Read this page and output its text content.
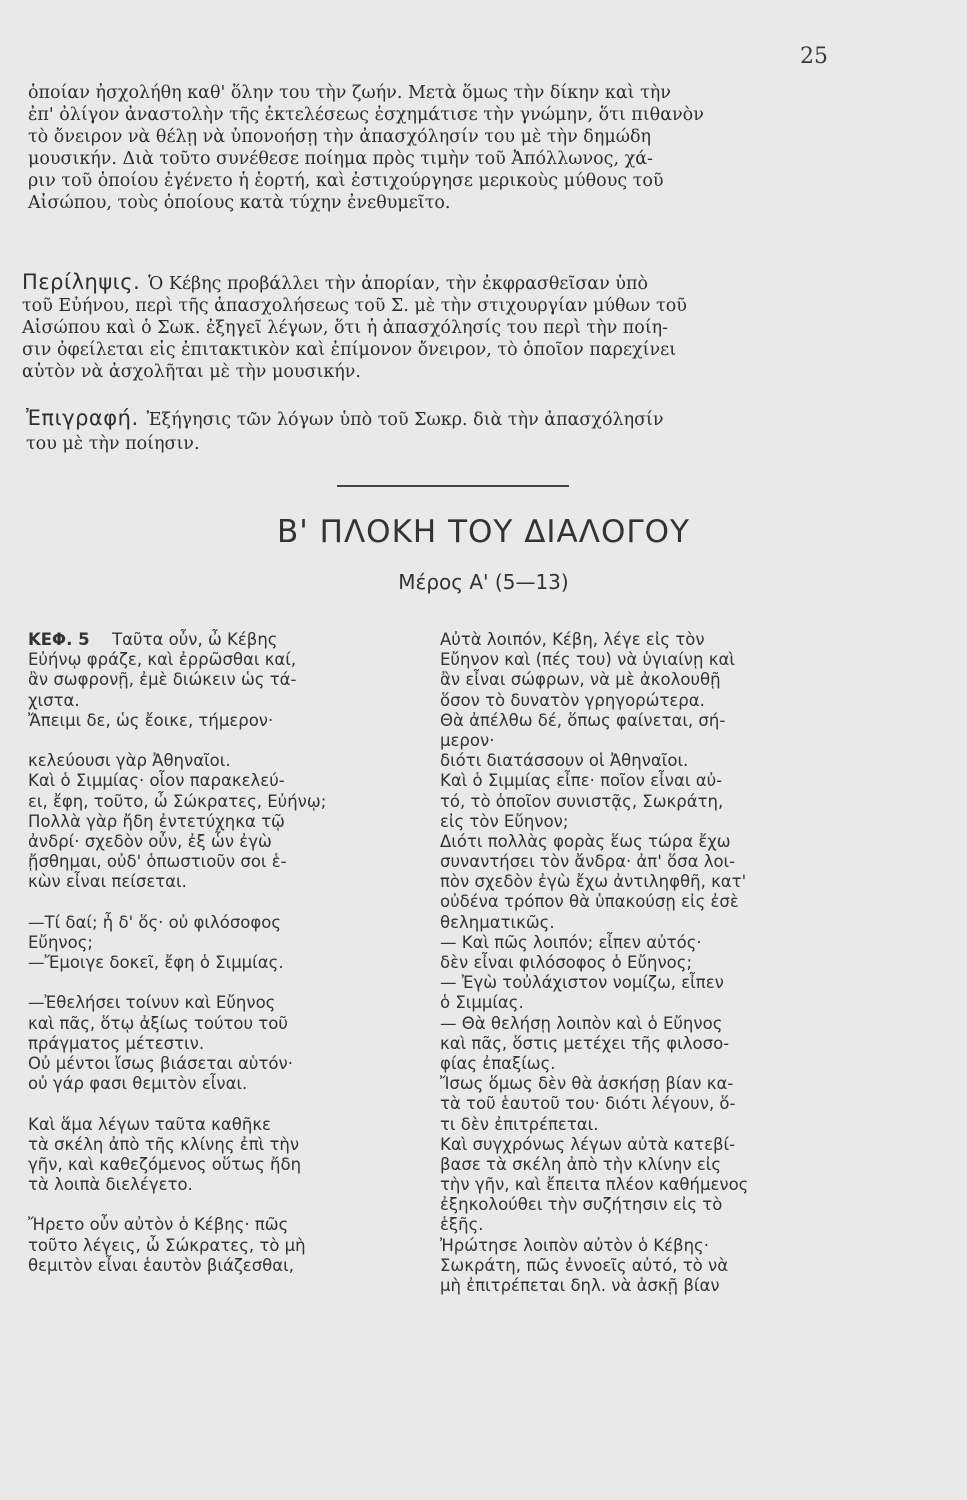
25

ὁποίαν ἠσχολήθη καθ' ὅλην του τὴν ζωήν. Μετὰ ὅμως τὴν δίκην καὶ τὴν
ἐπ' ὀλίγον ἀναστολὴν τῆς ἐκτελέσεως ἐσχημάτισε τὴν γνώμην, ὅτι πιθανὸν
τὸ ὄνειρον νὰ θέλῃ νὰ ὑπονοήσῃ τὴν ἀπασχόλησίν του μὲ τὴν δημώδη
μουσικήν. Διὰ τοῦτο συνέθεσε ποίημα πρὸς τιμὴν τοῦ Ἀπόλλωνος, χά-
ριν τοῦ ὁποίου ἐγένετο ἡ ἑορτή, καὶ ἐστιχούργησε μερικοὺς μύθους τοῦ
Αἰσώπου, τοὺς ὁποίους κατὰ τύχην ἐνεθυμεῖτο.

Περίληψις. Ὁ Κέβης προβάλλει τὴν ἀπορίαν, τὴν ἐκφρασθεῖσαν ὑπὸ
τοῦ Εὐήνου, περὶ τῆς ἀπασχολήσεως τοῦ Σ. μὲ τὴν στιχουργίαν μύθων τοῦ
Αἰσώπου καὶ ὁ Σωκ. ἐξηγεῖ λέγων, ὅτι ἡ ἀπασχόλησίς του περὶ τὴν ποίη-
σιν ὀφείλεται εἰς ἐπιτακτικὸν καὶ ἐπίμονον ὄνειρον, τὸ ὁποῖον παρεχίνει
αὐτὸν νὰ ἀσχολῆται μὲ τὴν μουσικήν.

Ἐπιγραφή. Ἐξήγησις τῶν λόγων ὑπὸ τοῦ Σωκρ. διὰ τὴν ἀπασχόλησίν
του μὲ τὴν ποίησιν.

Β' ΠΛΟΚΗ ΤΟΥ ΔΙΑΛΟΓΟΥ
Μέρος Α' (5—13)
ΚΕΦ. 5 Ταῦτα οὖν, ὦ Κέβης
Εὐήνῳ φράζε, καὶ ἐρρῶσθαι καί,
ἂν σωφρονῇ, ἐμὲ διώκειν ὡς τά-
χιστα.
Ἄπειμι δε, ὡς ἔοικε, τήμερον·
κελεύουσι γὰρ Ἀθηναῖοι.
Καὶ ὁ Σιμμίας· οἷον παρακελεύ-
ει, ἔφη, τοῦτο, ὦ Σώκρατες, Εὐήνῳ;
Πολλὰ γὰρ ἤδη ἐντετύχηκα τῷ
ἀνδρί· σχεδὸν οὖν, ἐξ ὧν ἐγὼ
ᾔσθημαι, οὐδ' ὁπωστιοῦν σοι ἑ-
κὼν εἶναι πείσεται.
—Τί δαί; ἦ δ' ὅς· οὐ φιλόσοφος
Εὔηνος;
—Ἔμοιγε δοκεῖ, ἔφη ὁ Σιμμίας.
—Ἐθελήσει τοίνυν καὶ Εὔηνος
καὶ πᾶς, ὅτῳ ἀξίως τούτου τοῦ
πράγματος μέτεστιν.
Οὐ μέντοι ἴσως βιάσεται αὑτόν·
οὐ γάρ φασι θεμιτὸν εἶναι.
Καὶ ἅμα λέγων ταῦτα καθῆκε
τὰ σκέλη ἀπὸ τῆς κλίνης ἐπὶ τὴν
γῆν, καὶ καθεζόμενος οὕτως ἤδη
τὰ λοιπὰ διελέγετο.
Ἤρετο οὖν αὐτὸν ὁ Κέβης· πῶς
τοῦτο λέγεις, ὦ Σώκρατες, τὸ μὴ
θεμιτὸν εἶναι ἑαυτὸν βιάζεσθαι,
Αὐτὰ λοιπόν, Κέβη, λέγε εἰς τὸν
Εὔηνον καὶ (πές του) νὰ ὑγιαίνῃ καὶ
ἂν εἶναι σώφρων, νὰ μὲ ἀκολουθῇ
ὅσον τὸ δυνατὸν γρηγορώτερα.
Θὰ ἀπέλθω δέ, ὅπως φαίνεται, σή-
μερον·
διότι διατάσσουν οἱ Ἀθηναῖοι.
Καὶ ὁ Σιμμίας εἶπε· ποῖον εἶναι αὐ-
τό, τὸ ὁποῖον συνιστᾷς, Σωκράτη,
εἰς τὸν Εὔηνον;
Διότι πολλὰς φορὰς ἕως τώρα ἔχω
συναντήσει τὸν ἄνδρα· ἀπ' ὅσα λοι-
πὸν σχεδὸν ἐγὼ ἔχω ἀντιληφθῆ, κατ'
οὐδένα τρόπον θὰ ὑπακούσῃ εἰς ἐσὲ
θεληματικῶς.
— Καὶ πῶς λοιπόν; εἶπεν αὐτός·
δὲν εἶναι φιλόσοφος ὁ Εὔηνος;
— Ἐγὼ τοὐλάχιστον νομίζω, εἶπεν
ὁ Σιμμίας.
— Θὰ θελήσῃ λοιπὸν καὶ ὁ Εὔηνος
καὶ πᾶς, ὅστις μετέχει τῆς φιλοσο-
φίας ἐπαξίως.
Ἴσως ὅμως δὲν θὰ ἀσκήσῃ βίαν κα-
τὰ τοῦ ἑαυτοῦ του· διότι λέγουν, ὅ-
τι δὲν ἐπιτρέπεται.
Καὶ συγχρόνως λέγων αὐτὰ κατεβί-
βασε τὰ σκέλη ἀπὸ τὴν κλίνην εἰς
τὴν γῆν, καὶ ἔπειτα πλέον καθήμενος
ἐξηκολούθει τὴν συζήτησιν εἰς τὸ
ἑξῆς.
Ἠρώτησε λοιπὸν αὐτὸν ὁ Κέβης·
Σωκράτη, πῶς ἐννοεῖς αὐτό, τὸ νὰ
μὴ ἐπιτρέπεται δηλ. νὰ ἀσκῇ βίαν
